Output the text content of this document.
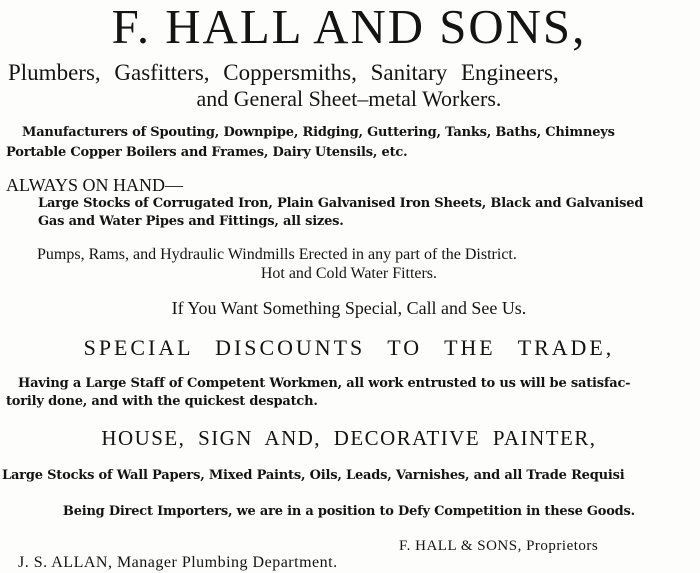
F. HALL AND SONS,
Plumbers, Gasfitters, Coppersmiths, Sanitary Engineers,
and General Sheet–metal Workers.
Manufacturers of Spouting, Downpipe, Ridging, Guttering, Tanks, Baths, Chimneys
Portable Copper Boilers and Frames, Dairy Utensils, etc.
ALWAYS ON HAND—
Large Stocks of Corrugated Iron, Plain Galvanised Iron Sheets, Black and Galvanised
Gas and Water Pipes and Fittings, all sizes.
Pumps, Rams, and Hydraulic Windmills Erected in any part of the District.
Hot and Cold Water Fitters.
If You Want Something Special, Call and See Us.
SPECIAL DISCOUNTS TO THE TRADE,
Having a Large Staff of Competent Workmen, all work entrusted to us will be satisfac-
torily done, and with the quickest despatch.
HOUSE, SIGN AND, DECORATIVE PAINTER,
Large Stocks of Wall Papers, Mixed Paints, Oils, Leads, Varnishes, and all Trade Requisi
Being Direct Importers, we are in a position to Defy Competition in these Goods.
F. HALL & SONS, Proprietors
J. S. ALLAN, Manager Plumbing Department.
